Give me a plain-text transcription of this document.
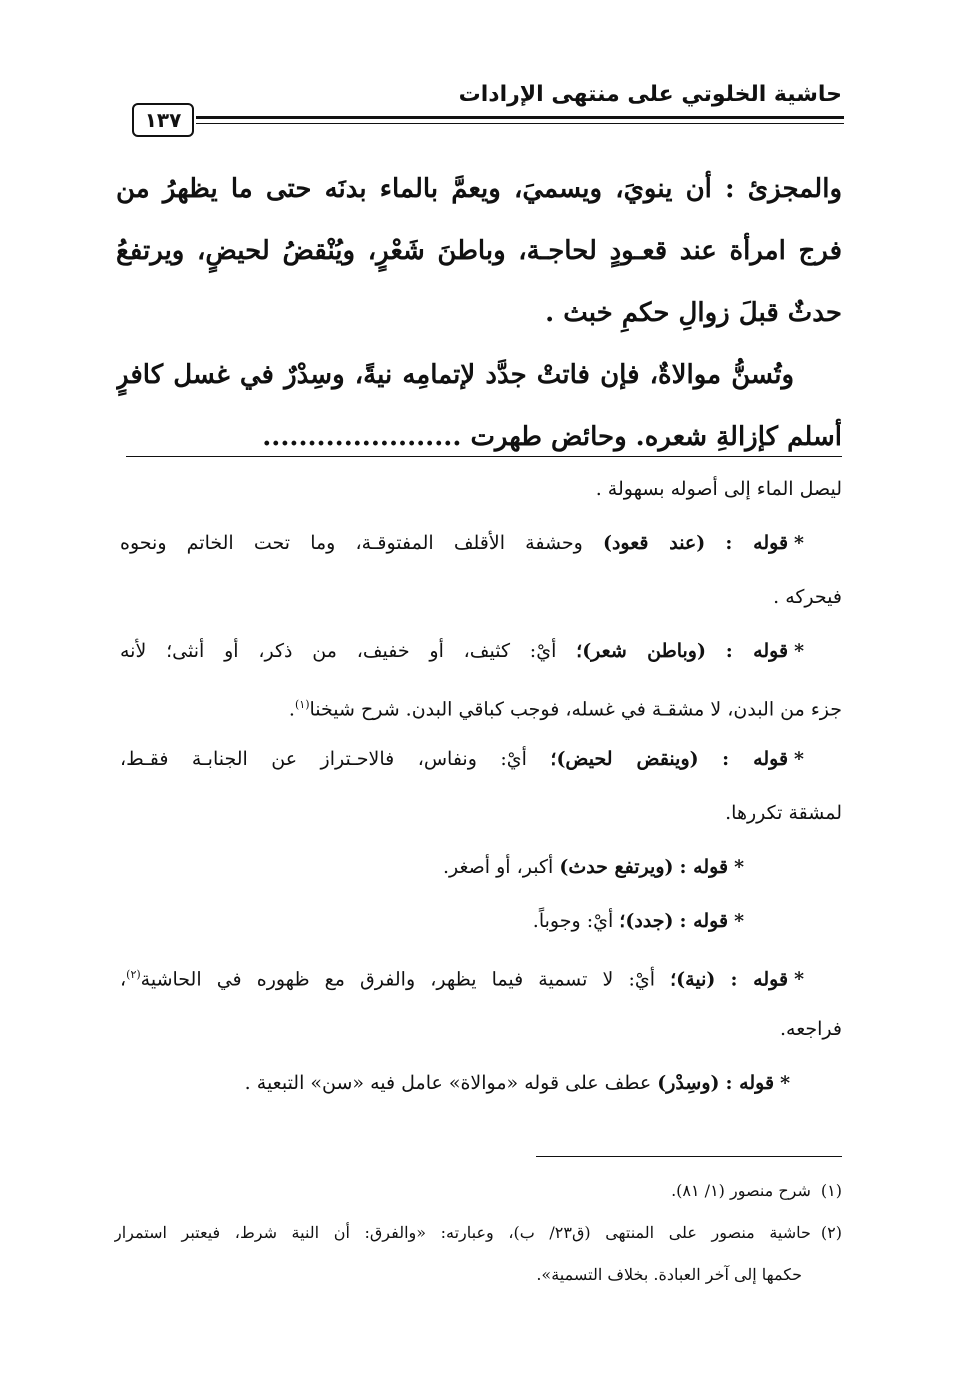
حاشية الخلوتي على منتهى الإرادات
١٣٧
والمجزئ : أن ينويَ، ويسميَ، ويعمَّ بالماء بدنَه حتى ما يظهرُ من
فرج امرأة عند قعـودٍ لحاجـة، وباطنَ شَعْرٍ، ويُنْقضُ لحيضٍ، ويرتفعُ
حدثٌ قبلَ زوالِ حكمِ خبث .
وتُسنُّ موالاةٌ، فإن فاتتْ جدَّد لإتمامِه نيةً، وسِدْرٌ في غسل كافرٍ
أسلم كإزالةِ شعره. وحائض طهرت ......................
ليصل الماء إلى أصوله بسهولة .
*قوله : (عند قعود) وحشفة الأقلف المفتوقـة، وما تحت الخاتم ونحوه
فيحركه .
*قوله : (وباطن شعر)؛ أيْ: كثيف، أو خفيف، من ذكر، أو أنثى؛ لأنه
جزء من البدن، لا مشقـة في غسله، فوجب كباقي البدن. شرح شيخنا$^{(١)}$.
*قوله : (وينقض لحيض)؛ أيْ: ونفاس، فالاحـتراز عن الجنابـة فقـط،
لمشقة تكررها.
*قوله : (ويرتفع حدث) أكبر، أو أصغر.
*قوله : (جدد)؛ أيْ: وجوباً.
*قوله : (نية)؛ أيْ: لا تسمية فيما يظهر، والفرق مع ظهوره في الحاشية$^{(٢)}$،
فراجعه.
*قوله : (وسِدْر) عطف على قوله «موالاة» عامل فيه «سن» التبعية .
(١)شرح منصور (١/ ٨١).
(٢)حاشية منصور على المنتهى (ق٢٣/ ب)، وعبارته: «والفرق: أن النية شرط، فيعتبر استمرار
حكمها إلى آخر العبادة. بخلاف التسمية».
